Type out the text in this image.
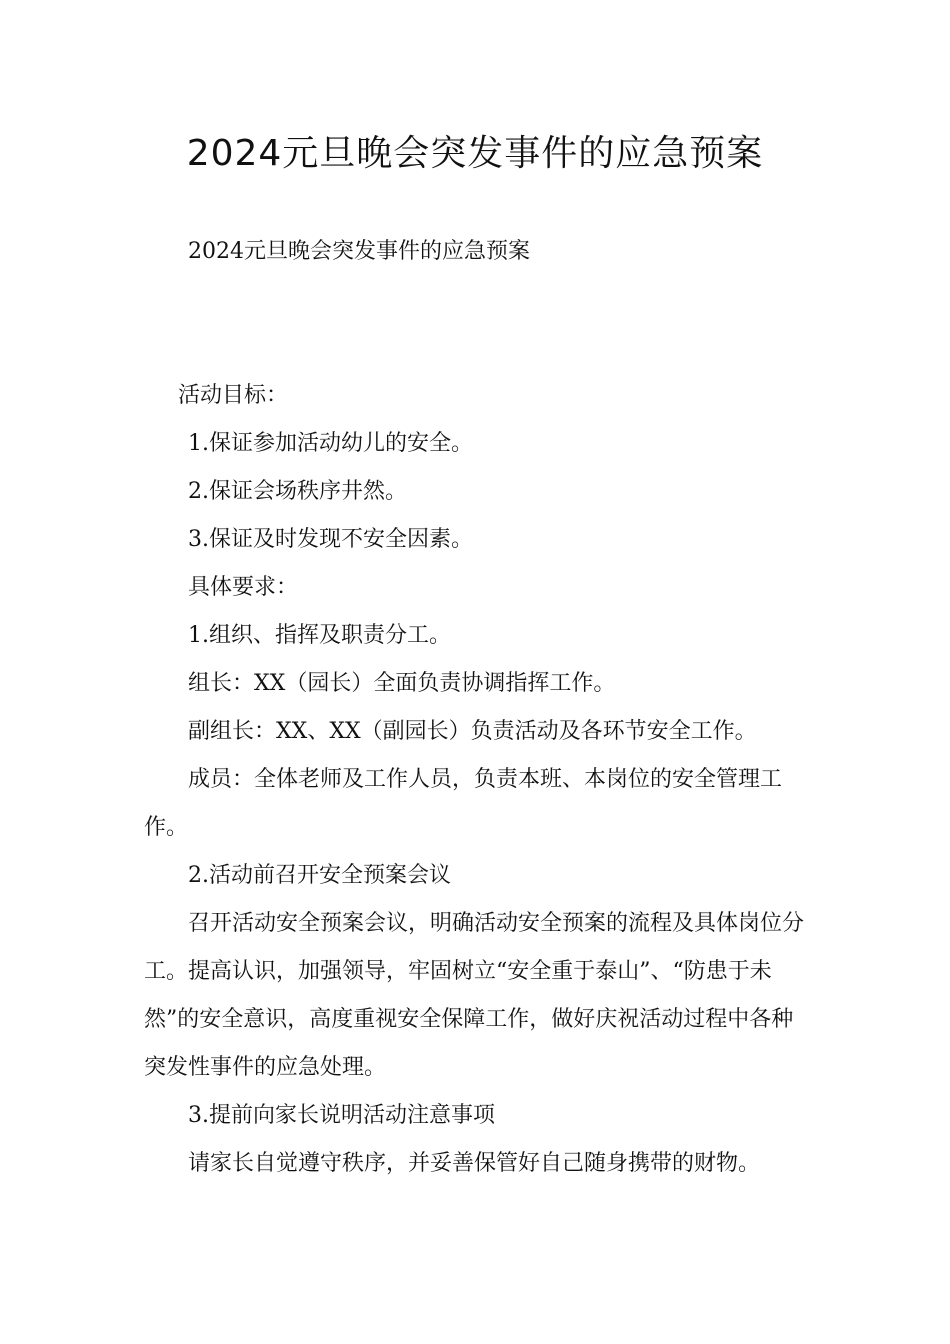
2024元旦晚会突发事件的应急预案

2024元旦晚会突发事件的应急预案

活动目标：

1.保证参加活动幼儿的安全。

2.保证会场秩序井然。

3.保证及时发现不安全因素。

具体要求：

1.组织、指挥及职责分工。

组长：XX（园长）全面负责协调指挥工作。

副组长：XX、XX（副园长）负责活动及各环节安全工作。

成员：全体老师及工作人员，负责本班、本岗位的安全管理工作。

2.活动前召开安全预案会议

召开活动安全预案会议，明确活动安全预案的流程及具体岗位分工。提高认识，加强领导，牢固树立“安全重于泰山”、“防患于未然”的安全意识，高度重视安全保障工作，做好庆祝活动过程中各种突发性事件的应急处理。

3.提前向家长说明活动注意事项

请家长自觉遵守秩序，并妥善保管好自己随身携带的财物。
